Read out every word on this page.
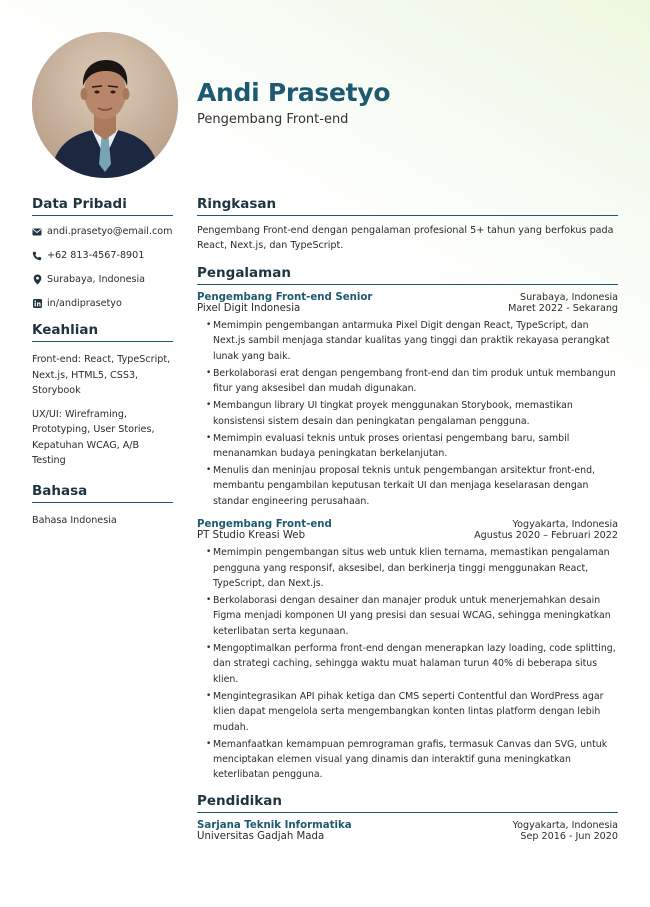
Andi Prasetyo
Pengembang Front-end
Data Pribadi
andi.prasetyo@email.com
+62 813-4567-8901
Surabaya, Indonesia
in/andiprasetyo
Keahlian
Front-end: React, TypeScript, Next.js, HTML5, CSS3, Storybook
UX/UI: Wireframing, Prototyping, User Stories, Kepatuhan WCAG, A/B Testing
Bahasa
Bahasa Indonesia
Ringkasan
Pengembang Front-end dengan pengalaman profesional 5+ tahun yang berfokus pada React, Next.js, dan TypeScript.
Pengalaman
Pengembang Front-end Senior	Surabaya, Indonesia
Pixel Digit Indonesia	Maret 2022 - Sekarang
• Memimpin pengembangan antarmuka Pixel Digit dengan React, TypeScript, dan Next.js sambil menjaga standar kualitas yang tinggi dan praktik rekayasa perangkat lunak yang baik.
• Berkolaborasi erat dengan pengembang front-end dan tim produk untuk membangun fitur yang aksesibel dan mudah digunakan.
• Membangun library UI tingkat proyek menggunakan Storybook, memastikan konsistensi sistem desain dan peningkatan pengalaman pengguna.
• Memimpin evaluasi teknis untuk proses orientasi pengembang baru, sambil menanamkan budaya peningkatan berkelanjutan.
• Menulis dan meninjau proposal teknis untuk pengembangan arsitektur front-end, membantu pengambilan keputusan terkait UI dan menjaga keselarasan dengan standar engineering perusahaan.
Pengembang Front-end	Yogyakarta, Indonesia
PT Studio Kreasi Web	Agustus 2020 – Februari 2022
• Memimpin pengembangan situs web untuk klien ternama, memastikan pengalaman pengguna yang responsif, aksesibel, dan berkinerja tinggi menggunakan React, TypeScript, dan Next.js.
• Berkolaborasi dengan desainer dan manajer produk untuk menerjemahkan desain Figma menjadi komponen UI yang presisi dan sesuai WCAG, sehingga meningkatkan keterlibatan serta kegunaan.
• Mengoptimalkan performa front-end dengan menerapkan lazy loading, code splitting, dan strategi caching, sehingga waktu muat halaman turun 40% di beberapa situs klien.
• Mengintegrasikan API pihak ketiga dan CMS seperti Contentful dan WordPress agar klien dapat mengelola serta mengembangkan konten lintas platform dengan lebih mudah.
• Memanfaatkan kemampuan pemrograman grafis, termasuk Canvas dan SVG, untuk menciptakan elemen visual yang dinamis dan interaktif guna meningkatkan keterlibatan pengguna.
Pendidikan
Sarjana Teknik Informatika	Yogyakarta, Indonesia
Universitas Gadjah Mada	Sep 2016 - Jun 2020
